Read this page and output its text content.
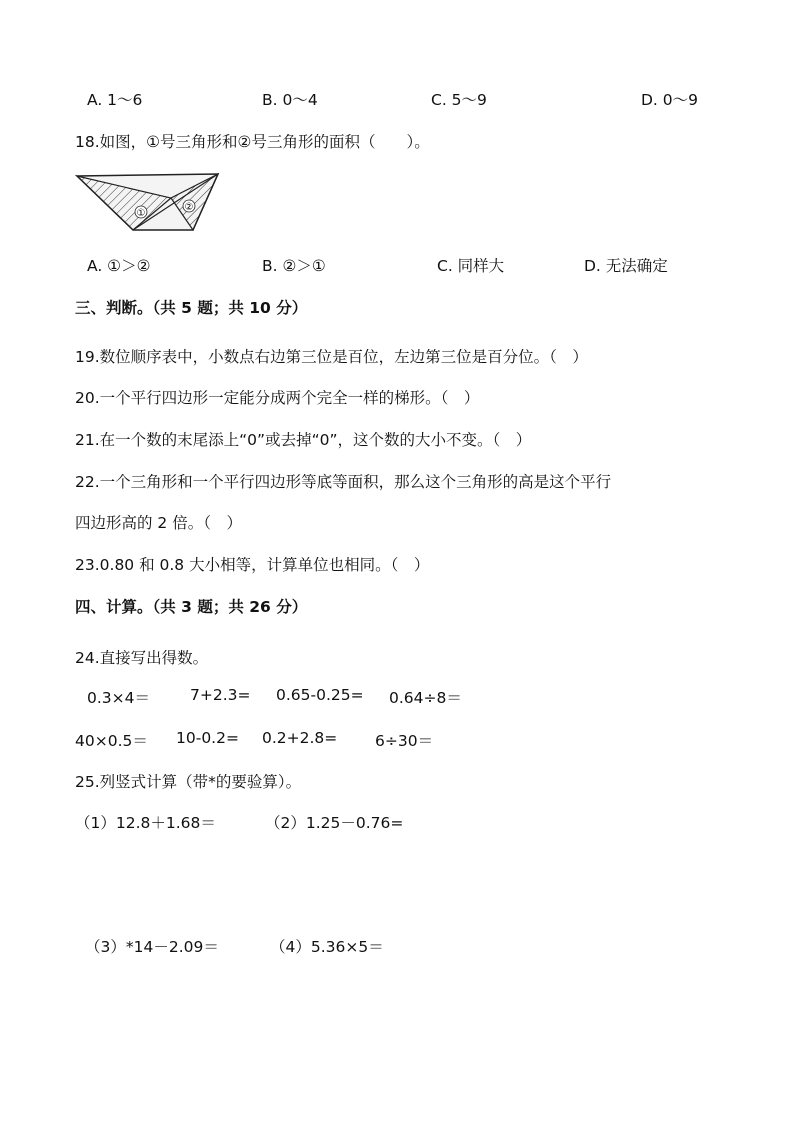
A. 1～6	B. 0～4	C. 5～9	D. 0～9
18.如图，①号三角形和②号三角形的面积（　　）。
①
②
A. ①＞②	B. ②＞①	C. 同样大	D. 无法确定
三、判断。（共 5 题；共 10 分）
19.数位顺序表中，小数点右边第三位是百位，左边第三位是百分位。（　）
20.一个平行四边形一定能分成两个完全一样的梯形。（　）
21.在一个数的末尾添上“0”或去掉“0”，这个数的大小不变。（　）
22.一个三角形和一个平行四边形等底等面积，那么这个三角形的高是这个平行
四边形高的 2 倍。（　）
23.0.80 和 0.8 大小相等，计算单位也相同。（　）
四、计算。（共 3 题；共 26 分）
24.直接写出得数。
0.3×4＝	7+2.3= 0.65-0.25= 0.64÷8＝
40×0.5＝ 10-0.2= 0.2+2.8= 6÷30＝
25.列竖式计算（带*的要验算）。
（1）12.8＋1.68＝	（2）1.25－0.76=
（3）*14－2.09＝	（4）5.36×5＝
